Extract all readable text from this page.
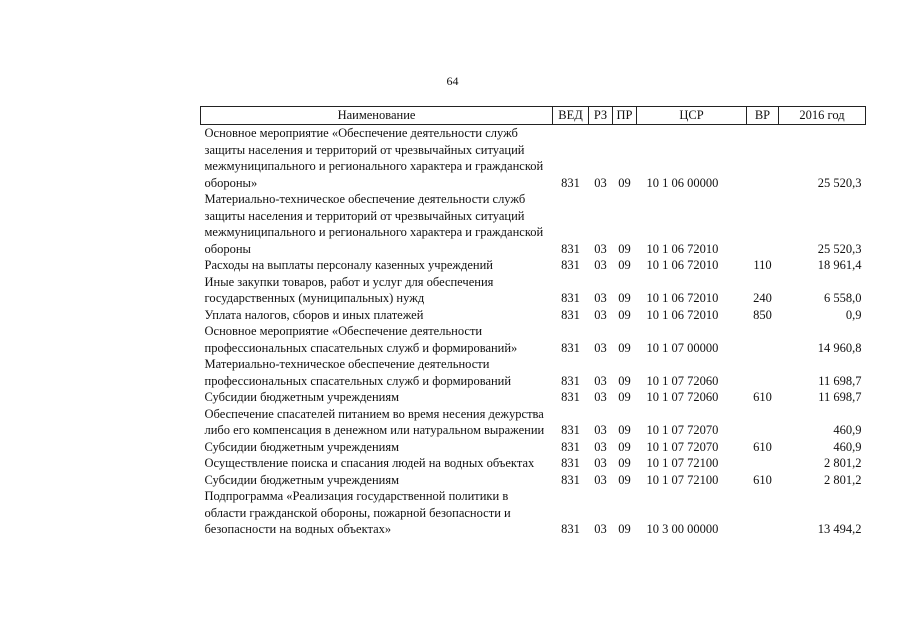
64
Наименование	ВЕД	РЗ	ПР	ЦСР	ВР	2016 год
Основное мероприятие «Обеспечение деятельности служб защиты населения и территорий от чрезвычайных ситуаций межмуниципального и регионального характера и гражданской обороны»	831	03	09	10 1 06 00000		25 520,3
Материально-техническое обеспечение деятельности служб защиты населения и территорий от чрезвычайных ситуаций межмуниципального и регионального характера и гражданской обороны	831	03	09	10 1 06 72010		25 520,3
Расходы на выплаты персоналу казенных учреждений	831	03	09	10 1 06 72010	110	18 961,4
Иные закупки товаров, работ и услуг для обеспечения государственных (муниципальных) нужд	831	03	09	10 1 06 72010	240	6 558,0
Уплата налогов, сборов и иных платежей	831	03	09	10 1 06 72010	850	0,9
Основное мероприятие «Обеспечение деятельности профессиональных спасательных служб и формирований»	831	03	09	10 1 07 00000		14 960,8
Материально-техническое обеспечение деятельности профессиональных спасательных служб и формирований	831	03	09	10 1 07 72060		11 698,7
Субсидии бюджетным учреждениям	831	03	09	10 1 07 72060	610	11 698,7
Обеспечение спасателей питанием во время несения дежурства либо его компенсация в денежном или натуральном выражении	831	03	09	10 1 07 72070		460,9
Субсидии бюджетным учреждениям	831	03	09	10 1 07 72070	610	460,9
Осуществление поиска и спасания людей на водных объектах	831	03	09	10 1 07 72100		2 801,2
Субсидии бюджетным учреждениям	831	03	09	10 1 07 72100	610	2 801,2
Подпрограмма «Реализация государственной политики в области гражданской обороны, пожарной безопасности и безопасности на водных объектах»	831	03	09	10 3 00 00000		13 494,2
